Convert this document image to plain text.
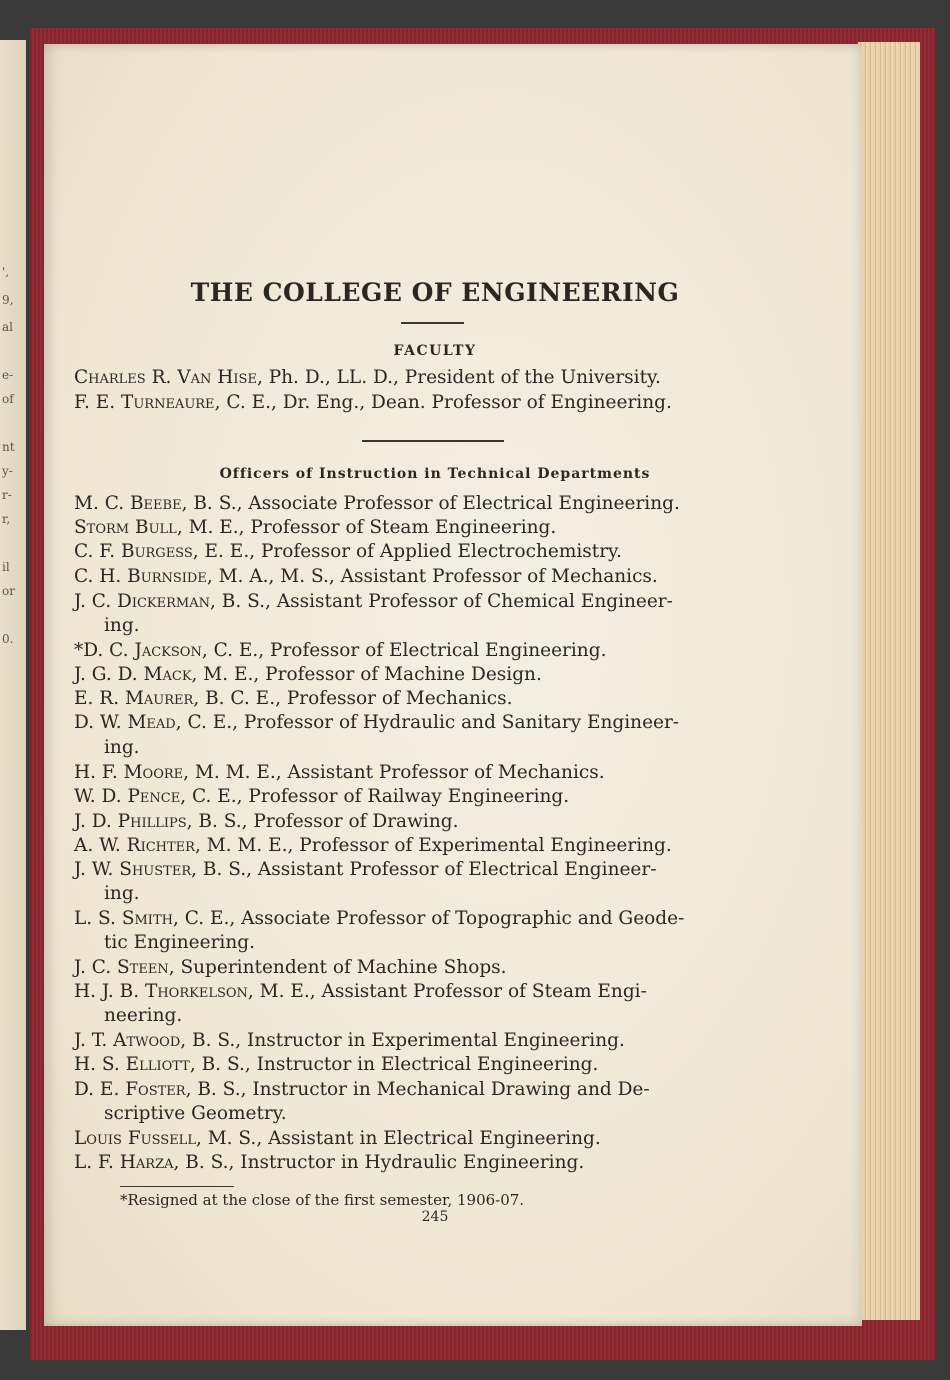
',
9,
al
e-
of
nt
y-
r-
r,
il
or
0.
THE COLLEGE OF ENGINEERING
FACULTY
Charles R. Van Hise, Ph. D., LL. D., President of the University.
F. E. Turneaure, C. E., Dr. Eng., Dean. Professor of Engineering.
Officers of Instruction in Technical Departments
M. C. Beebe, B. S., Associate Professor of Electrical Engineering.
Storm Bull, M. E., Professor of Steam Engineering.
C. F. Burgess, E. E., Professor of Applied Electrochemistry.
C. H. Burnside, M. A., M. S., Assistant Professor of Mechanics.
J. C. Dickerman, B. S., Assistant Professor of Chemical Engineer-
ing.
*D. C. Jackson, C. E., Professor of Electrical Engineering.
J. G. D. Mack, M. E., Professor of Machine Design.
E. R. Maurer, B. C. E., Professor of Mechanics.
D. W. Mead, C. E., Professor of Hydraulic and Sanitary Engineer-
ing.
H. F. Moore, M. M. E., Assistant Professor of Mechanics.
W. D. Pence, C. E., Professor of Railway Engineering.
J. D. Phillips, B. S., Professor of Drawing.
A. W. Richter, M. M. E., Professor of Experimental Engineering.
J. W. Shuster, B. S., Assistant Professor of Electrical Engineer-
ing.
L. S. Smith, C. E., Associate Professor of Topographic and Geode-
tic Engineering.
J. C. Steen, Superintendent of Machine Shops.
H. J. B. Thorkelson, M. E., Assistant Professor of Steam Engi-
neering.
J. T. Atwood, B. S., Instructor in Experimental Engineering.
H. S. Elliott, B. S., Instructor in Electrical Engineering.
D. E. Foster, B. S., Instructor in Mechanical Drawing and De-
scriptive Geometry.
Louis Fussell, M. S., Assistant in Electrical Engineering.
L. F. Harza, B. S., Instructor in Hydraulic Engineering.
*Resigned at the close of the first semester, 1906-07.
245
